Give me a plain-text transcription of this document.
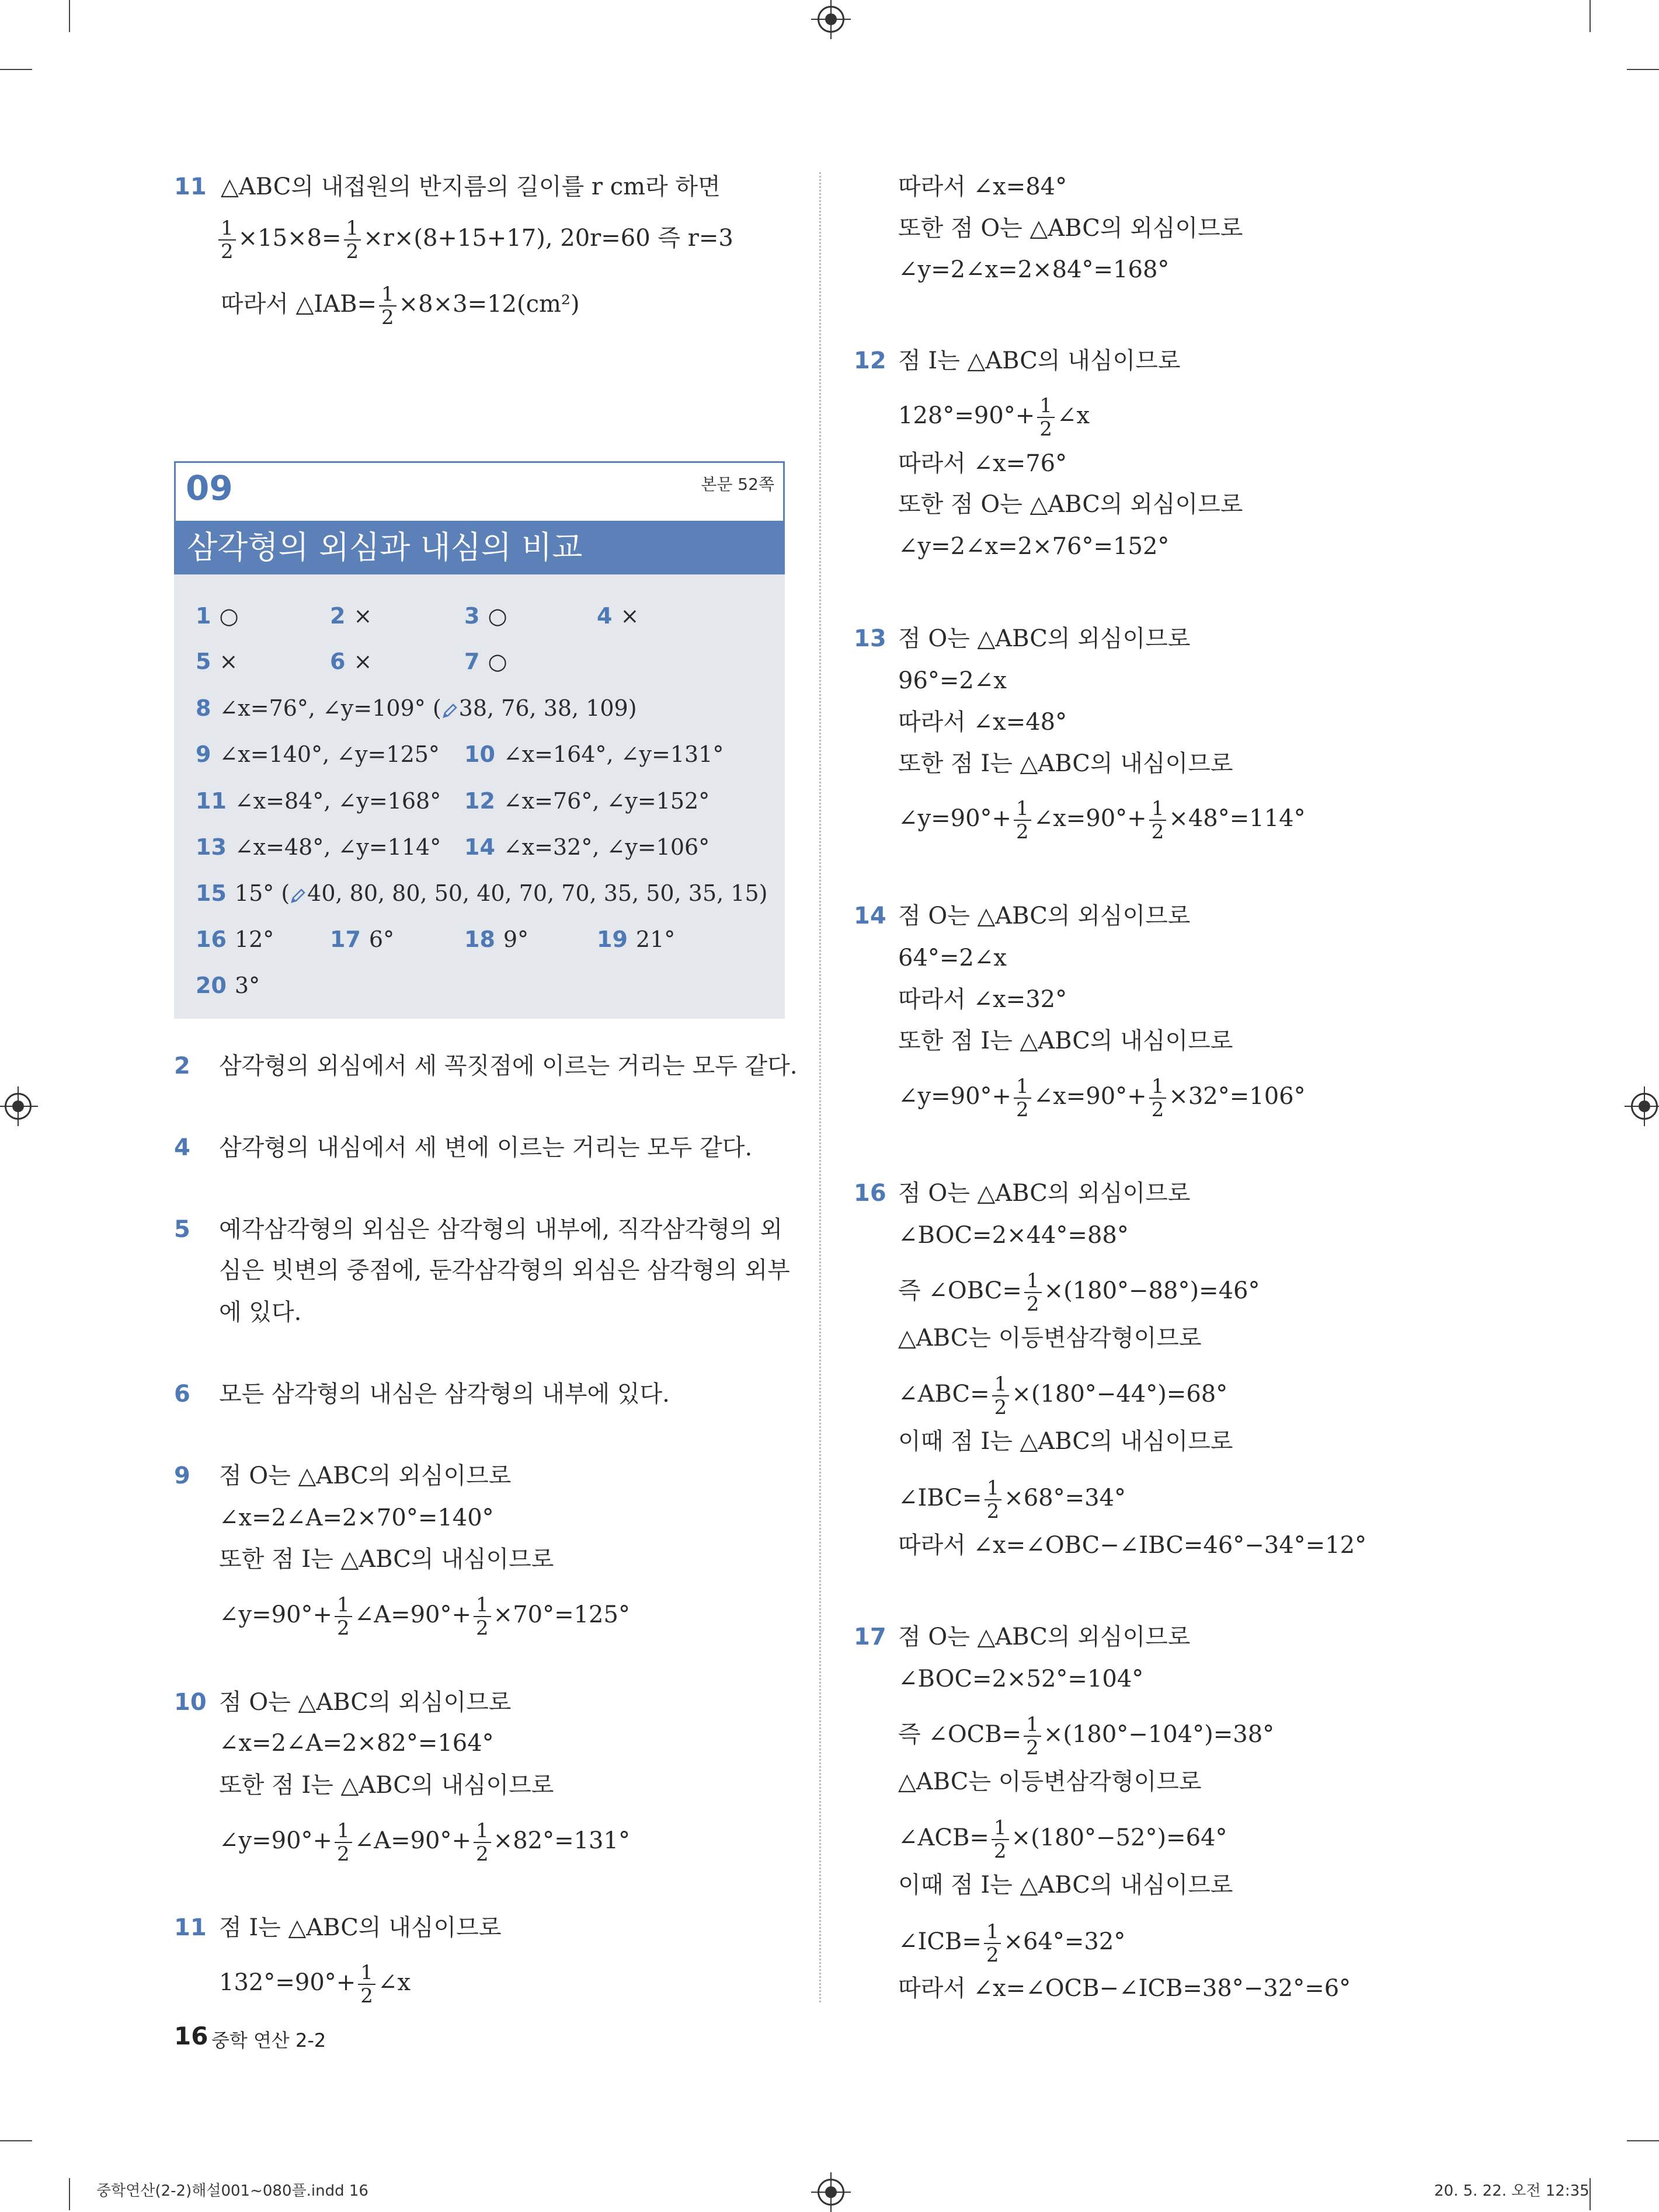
11 △ABC의 내접원의 반지름의 길이를 r cm라 하면
$\frac{1}{2} \times 15\times 8= \frac{1}{2} \times r\times(8+15+17)$, 20r=60 즉 r=3
따라서 △IAB= $\frac{1}{2} \times 8\times 3=12(cm^2)$
09	본문 52쪽
삼각형의 외심과 내심의 비교
1 ○	2 ×	3 ○	4 ×
5 ×	6 ×	7 ○
8 ∠x=76°, ∠y=109° ( 38, 76, 38, 109)
9 ∠x=140°, ∠y=125° 10 ∠x=164°, ∠y=131°
11 ∠x=84°, ∠y=168° 12 ∠x=76°, ∠y=152°
13 ∠x=48°, ∠y=114° 14 ∠x=32°, ∠y=106°
15 15° ( 40, 80, 80, 50, 40, 70, 70, 35, 50, 35, 15)
16 12°	17 6°	18 9°	19 21°
20 3°
2 삼각형의 외심에서 세 꼭짓점에 이르는 거리는 모두 같다.
4 삼각형의 내심에서 세 변에 이르는 거리는 모두 같다.
5 예각삼각형의 외심은 삼각형의 내부에, 직각삼각형의 외
심은 빗변의 중점에, 둔각삼각형의 외심은 삼각형의 외부
에 있다.
6 모든 삼각형의 내심은 삼각형의 내부에 있다.
9 점 O는 △ABC의 외심이므로
∠x=2∠A=2×70°=140°
또한 점 I는 △ABC의 내심이므로
∠y=90°+ $\frac{1}{2}$ ∠A=90°+ $\frac{1}{2} \times 70^\circ=125^\circ$
10 점 O는 △ABC의 외심이므로
∠x=2∠A=2×82°=164°
또한 점 I는 △ABC의 내심이므로
∠y=90°+ $\frac{1}{2}$ ∠A=90°+ $\frac{1}{2} \times 82^\circ=131^\circ$
11 점 I는 △ABC의 내심이므로
$132^\circ=90^\circ+ \frac{1}{2}$ ∠x
따라서 ∠x=84°
또한 점 O는 △ABC의 외심이므로
∠y=2∠x=2×84°=168°
12 점 I는 △ABC의 내심이므로
$128^\circ=90^\circ+ \frac{1}{2}$ ∠x
따라서 ∠x=76°
또한 점 O는 △ABC의 외심이므로
∠y=2∠x=2×76°=152°
13 점 O는 △ABC의 외심이므로
96°=2∠x
따라서 ∠x=48°
또한 점 I는 △ABC의 내심이므로
∠y=90°+ $\frac{1}{2}$ ∠x=90°+ $\frac{1}{2} \times 48^\circ=114^\circ$
14 점 O는 △ABC의 외심이므로
64°=2∠x
따라서 ∠x=32°
또한 점 I는 △ABC의 내심이므로
∠y=90°+ $\frac{1}{2}$ ∠x=90°+ $\frac{1}{2} \times 32^\circ=106^\circ$
16 점 O는 △ABC의 외심이므로
∠BOC=2×44°=88°
즉 ∠OBC= $\frac{1}{2} \times(180^\circ-88^\circ)=46^\circ$
△ABC는 이등변삼각형이므로
∠ABC= $\frac{1}{2} \times(180^\circ-44^\circ)=68^\circ$
이때 점 I는 △ABC의 내심이므로
∠IBC= $\frac{1}{2} \times 68^\circ=34^\circ$
따라서 ∠x=∠OBC−∠IBC=46°−34°=12°
17 점 O는 △ABC의 외심이므로
∠BOC=2×52°=104°
즉 ∠OCB= $\frac{1}{2} \times(180^\circ-104^\circ)=38^\circ$
△ABC는 이등변삼각형이므로
∠ACB= $\frac{1}{2} \times(180^\circ-52^\circ)=64^\circ$
이때 점 I는 △ABC의 내심이므로
∠ICB= $\frac{1}{2} \times 64^\circ=32^\circ$
따라서 ∠x=∠OCB−∠ICB=38°−32°=6°
16 중학 연산 2-2
중학연산(2-2)해설001~080플.indd 16	20. 5. 22. 오전 12:35
